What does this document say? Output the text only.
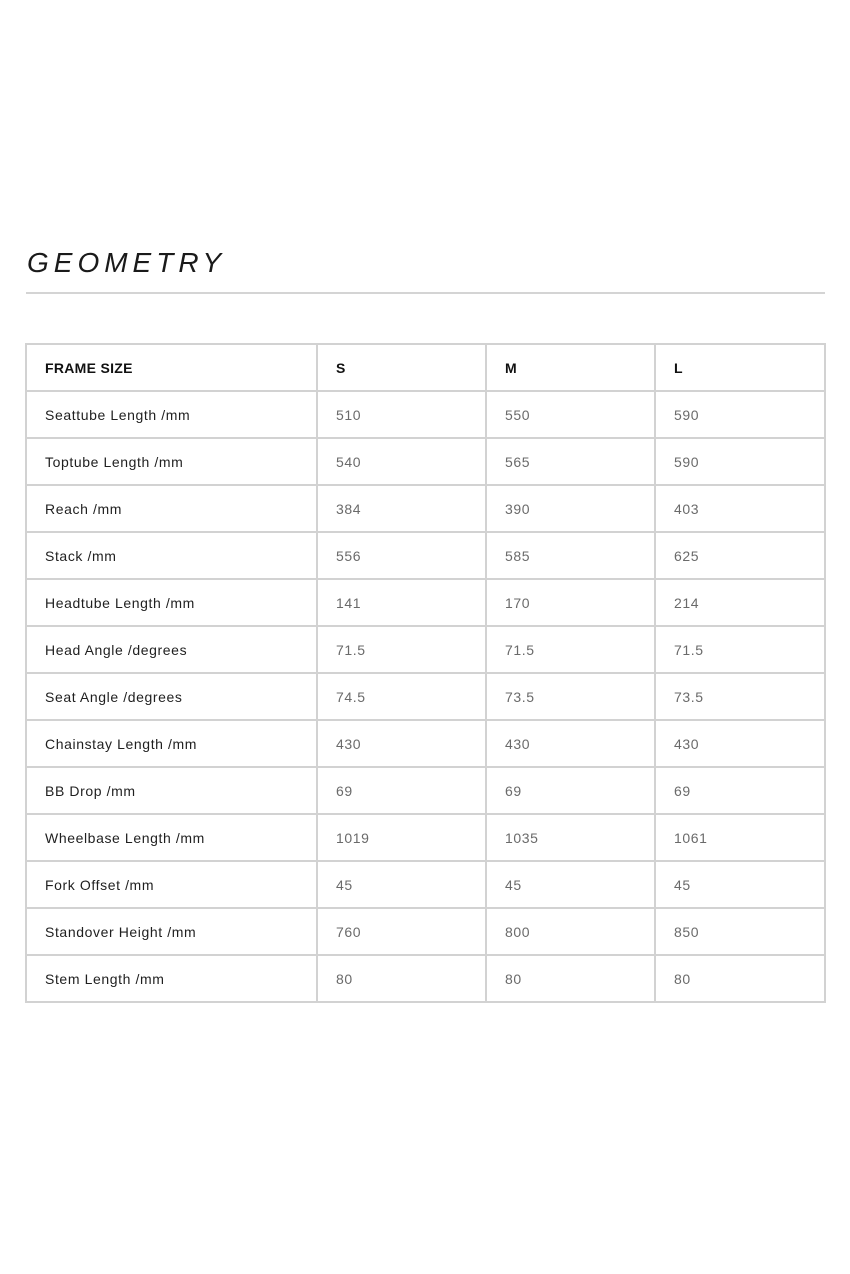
GEOMETRY
FRAME SIZE	S	M	L
Seattube Length /mm	510	550	590
Toptube Length /mm	540	565	590
Reach /mm	384	390	403
Stack /mm	556	585	625
Headtube Length /mm	141	170	214
Head Angle /degrees	71.5	71.5	71.5
Seat Angle /degrees	74.5	73.5	73.5
Chainstay Length /mm	430	430	430
BB Drop /mm	69	69	69
Wheelbase Length /mm	1019	1035	1061
Fork Offset /mm	45	45	45
Standover Height /mm	760	800	850
Stem Length /mm	80	80	80
